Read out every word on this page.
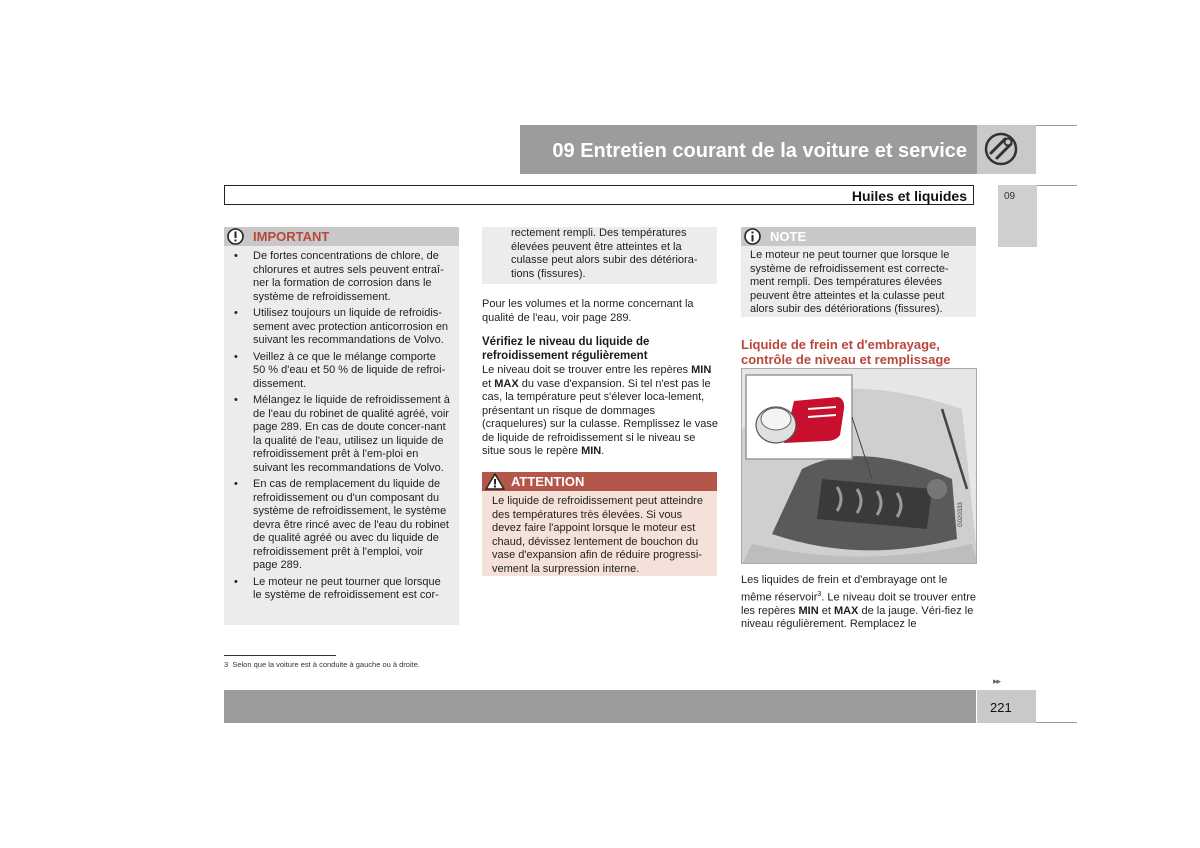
09 Entretien courant de la voiture et service
Huiles et liquides	09
IMPORTANT
• De fortes concentrations de chlore, de chlorures et autres sels peuvent entraî-ner la formation de corrosion dans le système de refroidissement.
• Utilisez toujours un liquide de refroidis-sement avec protection anticorrosion en suivant les recommandations de Volvo.
• Veillez à ce que le mélange comporte 50 % d'eau et 50 % de liquide de refroi-dissement.
• Mélangez le liquide de refroidissement à de l'eau du robinet de qualité agréé, voir page 289. En cas de doute concer-nant la qualité de l'eau, utilisez un liquide de refroidissement prêt à l'em-ploi en suivant les recommandations de Volvo.
• En cas de remplacement du liquide de refroidissement ou d'un composant du système de refroidissement, le système devra être rincé avec de l'eau du robinet de qualité agréé ou avec du liquide de refroidissement prêt à l'emploi, voir page 289.
• Le moteur ne peut tourner que lorsque le système de refroidissement est cor-
rectement rempli. Des températures élevées peuvent être atteintes et la culasse peut alors subir des détériora-tions (fissures).
Pour les volumes et la norme concernant la qualité de l'eau, voir page 289.
Vérifiez le niveau du liquide de refroidissement régulièrement
Le niveau doit se trouver entre les repères MIN et MAX du vase d'expansion. Si tel n'est pas le cas, la température peut s'élever loca-lement, présentant un risque de dommages (craquelures) sur la culasse. Remplissez le vase de liquide de refroidissement si le niveau se situe sous le repère MIN.
ATTENTION
Le liquide de refroidissement peut atteindre des températures très élevées. Si vous devez faire l'appoint lorsque le moteur est chaud, dévissez lentement de bouchon du vase d'expansion afin de réduire progressi-vement la surpression interne.
NOTE
Le moteur ne peut tourner que lorsque le système de refroidissement est correcte-ment rempli. Des températures élevées peuvent être atteintes et la culasse peut alors subir des détériorations (fissures).
Liquide de frein et d'embrayage, contrôle de niveau et remplissage
G020333
Les liquides de frein et d'embrayage ont le même réservoir$^3$. Le niveau doit se trouver entre les repères MIN et MAX de la jauge. Véri-fiez le niveau régulièrement. Remplacez le
3 Selon que la voiture est à conduite à gauche ou à droite.
▸▸
221
